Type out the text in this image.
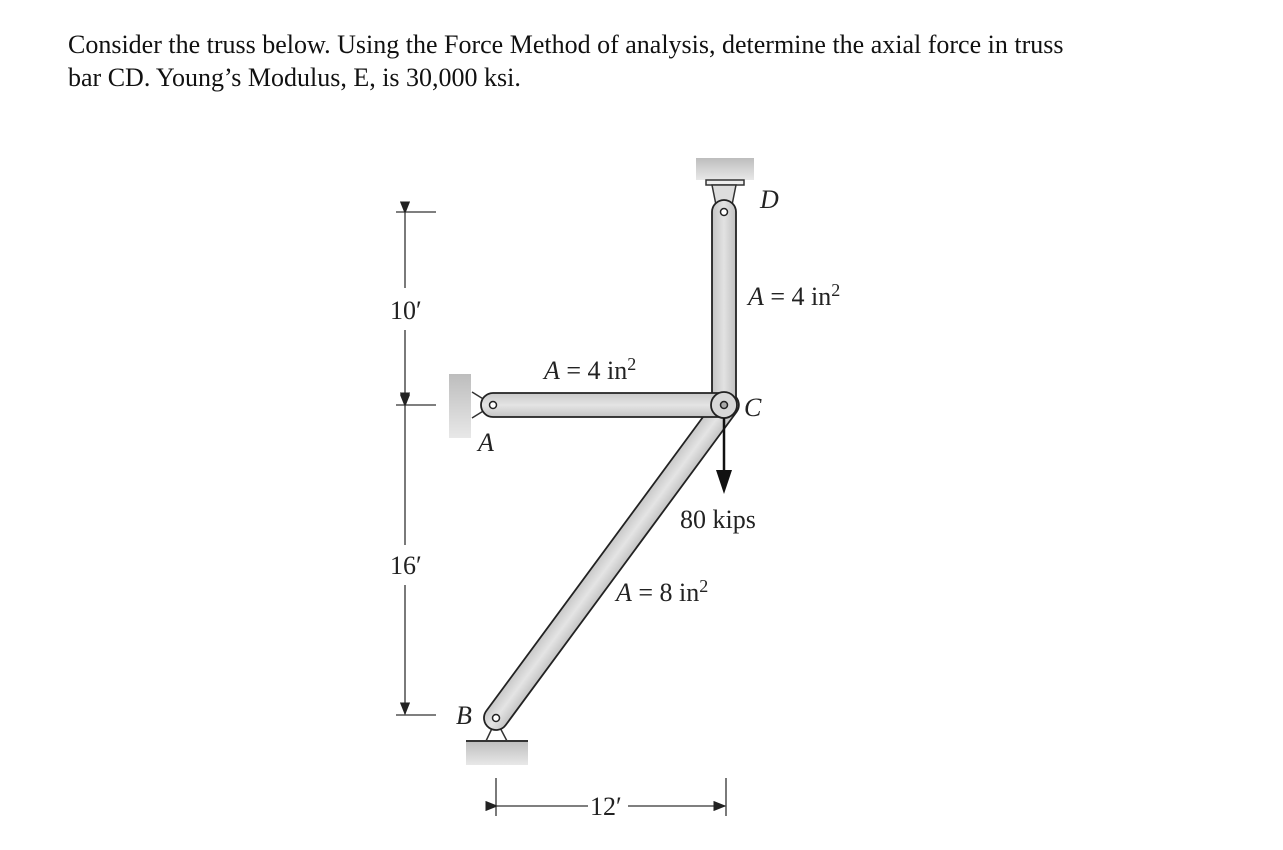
Consider the truss below. Using the Force Method of analysis, determine the axial force in truss
bar CD. Young’s Modulus, E, is 30,000 ksi.
D
C
A
B
A = 4 $in^2$
A = 4 $in^2$
A = 8 $in^2$
80 kips
10′
16′
12′
